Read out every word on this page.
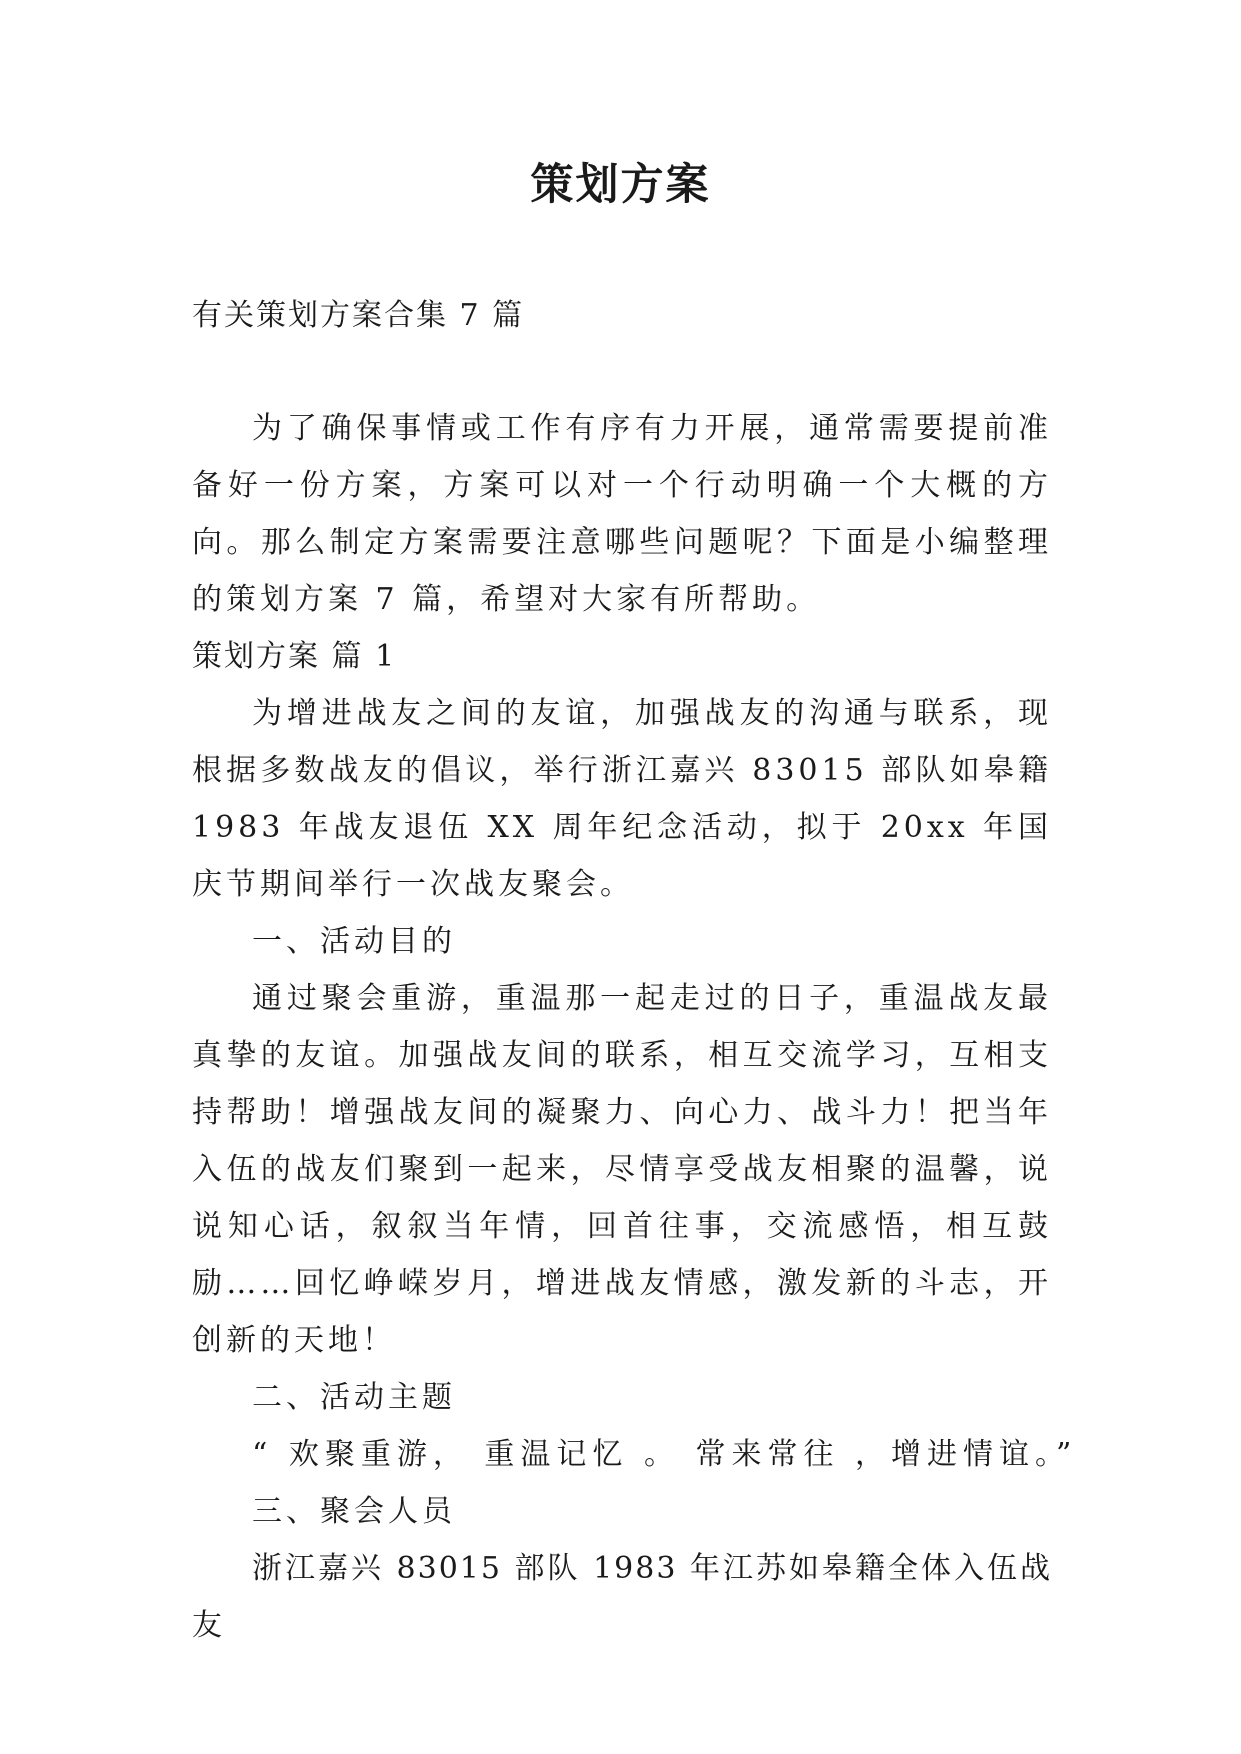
策划方案
有关策划方案合集 7 篇

为了确保事情或工作有序有力开展，通常需要提前准备好一份方案，方案可以对一个行动明确一个大概的方向。那么制定方案需要注意哪些问题呢？下面是小编整理的策划方案 7 篇，希望对大家有所帮助。

策划方案 篇 1

为增进战友之间的友谊，加强战友的沟通与联系，现根据多数战友的倡议，举行浙江嘉兴 83015 部队如皋籍 1983 年战友退伍 XX 周年纪念活动，拟于 20xx 年国庆节期间举行一次战友聚会。

一、活动目的

通过聚会重游，重温那一起走过的日子，重温战友最真挚的友谊。加强战友间的联系，相互交流学习，互相支持帮助！增强战友间的凝聚力、向心力、战斗力！把当年入伍的战友们聚到一起来，尽情享受战友相聚的温馨，说说知心话，叙叙当年情，回首往事，交流感悟，相互鼓励……回忆峥嵘岁月，增进战友情感，激发新的斗志，开创新的天地！

二、活动主题

“ 欢聚重游， 重温记忆 。 常来常往 ，增进情谊。”

三、聚会人员

浙江嘉兴 83015 部队 1983 年江苏如皋籍全体入伍战友
